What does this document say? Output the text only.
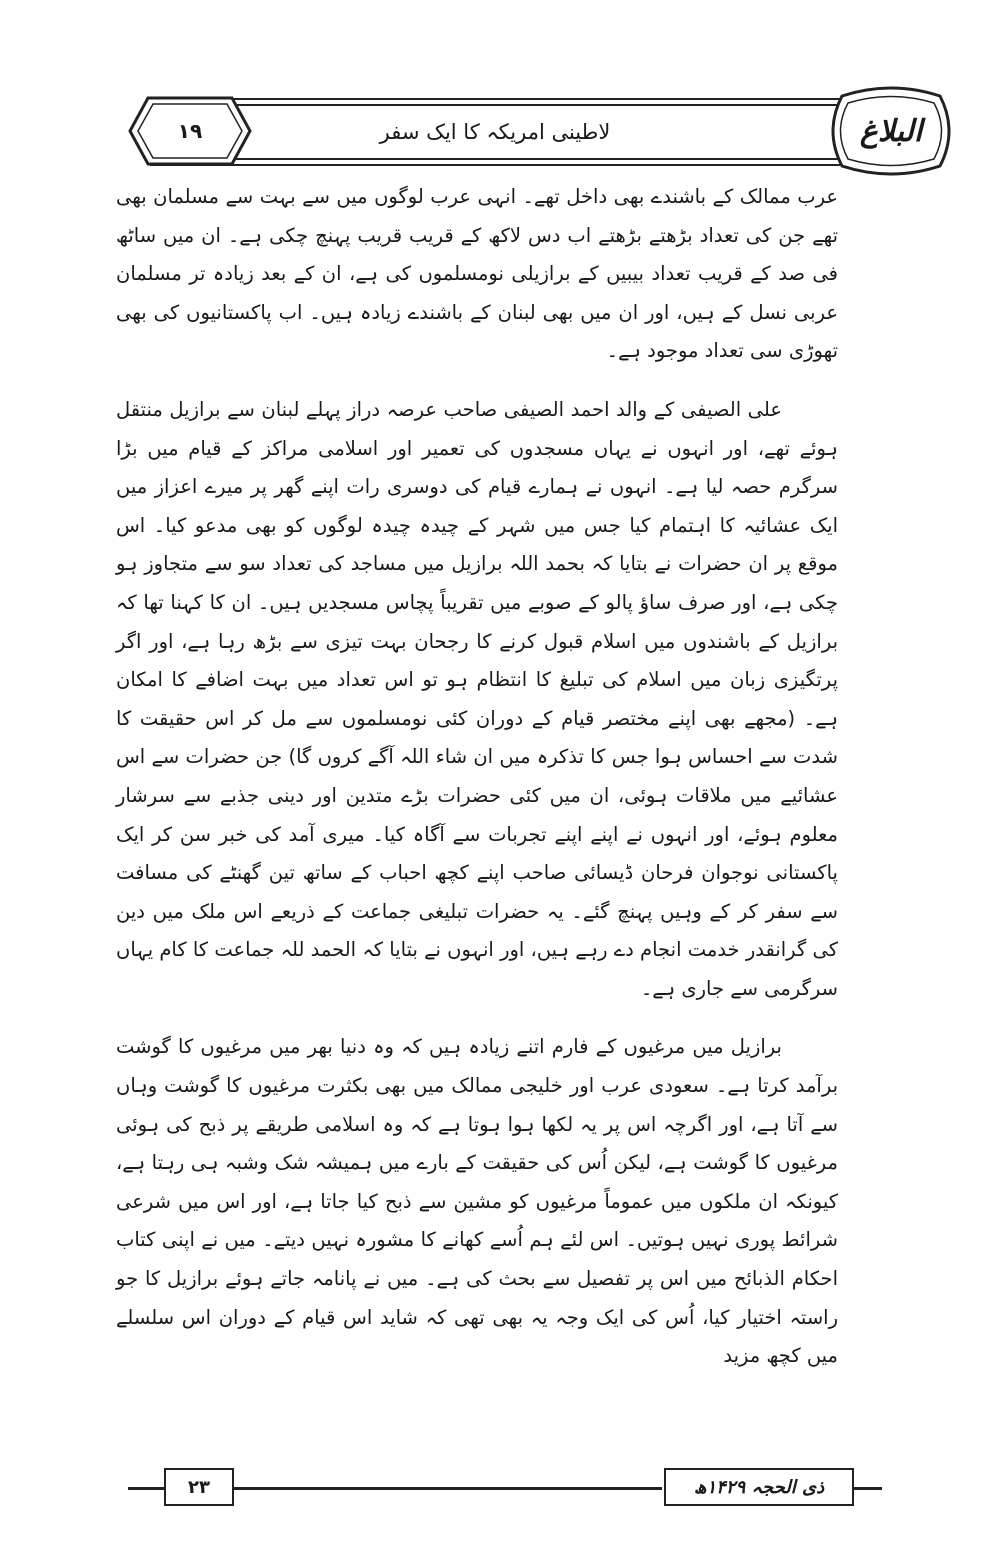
۱۹	لاطینی امریکہ کا ایک سفر	البلاغ

عرب ممالک کے باشندے بھی داخل تھے۔ انہی عرب لوگوں میں سے بہت سے مسلمان بھی تھے جن کی تعداد بڑھتے بڑھتے اب دس لاکھ کے قریب قریب پہنچ چکی ہے۔ ان میں ساٹھ فی صد کے قریب تعداد بیبیں کے برازیلی نومسلموں کی ہے، ان کے بعد زیادہ تر مسلمان عربی نسل کے ہیں، اور ان میں بھی لبنان کے باشندے زیادہ ہیں۔ اب پاکستانیوں کی بھی تھوڑی سی تعداد موجود ہے۔

علی الصیفی کے والد احمد الصیفی صاحب عرصہ دراز پہلے لبنان سے برازیل منتقل ہوئے تھے، اور انہوں نے یہاں مسجدوں کی تعمیر اور اسلامی مراکز کے قیام میں بڑا سرگرم حصہ لیا ہے۔ انہوں نے ہمارے قیام کی دوسری رات اپنے گھر پر میرے اعزاز میں ایک عشائیہ کا اہتمام کیا جس میں شہر کے چیدہ چیدہ لوگوں کو بھی مدعو کیا۔ اس موقع پر ان حضرات نے بتایا کہ بحمد اللہ برازیل میں مساجد کی تعداد سو سے متجاوز ہو چکی ہے، اور صرف ساؤ پالو کے صوبے میں تقریباً پچاس مسجدیں ہیں۔ ان کا کہنا تھا کہ برازیل کے باشندوں میں اسلام قبول کرنے کا رجحان بہت تیزی سے بڑھ رہا ہے، اور اگر پرتگیزی زبان میں اسلام کی تبلیغ کا انتظام ہو تو اس تعداد میں بہت اضافے کا امکان ہے۔ (مجھے بھی اپنے مختصر قیام کے دوران کئی نومسلموں سے مل کر اس حقیقت کا شدت سے احساس ہوا جس کا تذکرہ میں ان شاء اللہ آگے کروں گا) جن حضرات سے اس عشائیے میں ملاقات ہوئی، ان میں کئی حضرات بڑے متدین اور دینی جذبے سے سرشار معلوم ہوئے، اور انہوں نے اپنے اپنے تجربات سے آگاہ کیا۔ میری آمد کی خبر سن کر ایک پاکستانی نوجوان فرحان ڈیسائی صاحب اپنے کچھ احباب کے ساتھ تین گھنٹے کی مسافت سے سفر کر کے وہیں پہنچ گئے۔ یہ حضرات تبلیغی جماعت کے ذریعے اس ملک میں دین کی گرانقدر خدمت انجام دے رہے ہیں، اور انہوں نے بتایا کہ الحمد للہ جماعت کا کام یہاں سرگرمی سے جاری ہے۔

برازیل میں مرغیوں کے فارم اتنے زیادہ ہیں کہ وہ دنیا بھر میں مرغیوں کا گوشت برآمد کرتا ہے۔ سعودی عرب اور خلیجی ممالک میں بھی بکثرت مرغیوں کا گوشت وہاں سے آتا ہے، اور اگرچہ اس پر یہ لکھا ہوا ہوتا ہے کہ وہ اسلامی طریقے پر ذبح کی ہوئی مرغیوں کا گوشت ہے، لیکن اُس کی حقیقت کے بارے میں ہمیشہ شک وشبہ ہی رہتا ہے، کیونکہ ان ملکوں میں عموماً مرغیوں کو مشین سے ذبح کیا جاتا ہے، اور اس میں شرعی شرائط پوری نہیں ہوتیں۔ اس لئے ہم اُسے کھانے کا مشورہ نہیں دیتے۔ میں نے اپنی کتاب احکام الذبائح میں اس پر تفصیل سے بحث کی ہے۔ میں نے پانامہ جاتے ہوئے برازیل کا جو راستہ اختیار کیا، اُس کی ایک وجہ یہ بھی تھی کہ شاید اس قیام کے دوران اس سلسلے میں کچھ مزید

۲۳	ذی الحجہ ۱۴۲۹ھ
